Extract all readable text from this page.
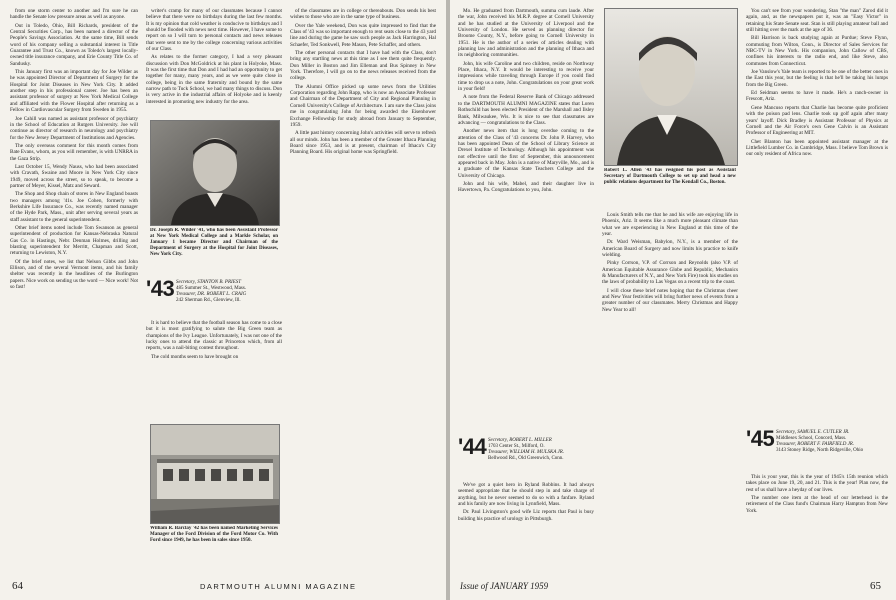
from one storm center to another and I'm sure he can handle the Senate low pressure areas as well as anyone.

Out in Toledo, Ohio, Bill Richards, president of the Central Securities Corp., has been named a director of the People's Savings Association. At the same time, Bill sends word of his company selling a substantial interest in Title Guarantee and Trust Co., known as Toledo's largest locally-owned title insurance company, and Erie County Title Co. of Sandusky.

This January first was an important day for Joe Wilder as he was appointed Director of Department of Surgery for the Hospital for Joint Diseases in New York City. It added another step in his professional career. Joe has been an assistant professor of surgery at New York Medical College and affiliated with the Flower Hospital after returning as a Fellow in Cardiovascular Surgery from Sweden in 1955.

Joe Cahill was named as assistant professor of psychiatry in the School of Education at Rutgers University. Joe will continue as director of research in neurology and psychiatry for the New Jersey Department of Institutions and Agencies.

The only overseas comment for this month comes from Bate Evans, whom, as you will remember, is with UNRRA in the Gaza Strip.

Last October 15, Wendy Nauss, who had been associated with Cravath, Swaine and Moore in New York City since 1949, moved across the street, so to speak, to become a partner of Meyer, Kissel, Matz and Seward.

The Shop and Shop chain of stores in New England boasts two managers among '41s. Joe Cohen, formerly with Berkshire Life Insurance Co., was recently named manager of the Hyde Park, Mass., unit after serving several years as staff assistant to the general superintendent.

Other brief items noted include Tom Swanson as general superintendent of production for Kansas-Nebraska Natural Gas Co. in Hastings, Nebr. Denman Holmes, drilling and blasting superintendent for Merritt, Chapman and Scott, returning to Lewiston, N.Y.

Of the brief notes, we list that Nelson Gibbs and John Ellison, and of the several Vermont items, and his family shelter was recently in the headlines of the Burlington papers. Nice work on sending us the word — Nice work! Not so fast!

writer's cramp for many of our classmates because I cannot believe that there were no birthdays during the last few months. It is my opinion that cold weather is conducive to birthdays and I should be flooded with news next time. However, I have some to report on so I will turn to personal contacts and news releases that were sent to me by the college concerning various activities of our Class.

As relates to the former category, I had a very pleasant discussion with Don McGoldrick at his plant in Holyoke, Mass. It was the first time that Don and I had had an opportunity to get together for many, many years, and as we were quite close in college, being in the same fraternity and bound by the same narrow path to Tuck School, we had many things to discuss. Don is very active in the industrial affairs of Holyoke and is keenly interested in promoting new industry for the area.

Dr. Joseph R. Wilder '41, who has been Assistant Professor at New York Medical College and a Markle Scholar, on January 1 became Director and Chairman of the Department of Surgery at the Hospital for Joint Diseases, New York City.
'43 Secretary, STANTON B. PRIEST
485 Summer St., Westwood, Mass.
Treasurer, DR. ROBERT L. CRAIG
242 Sherman Rd., Glenview, Ill.

It is hard to believe that the football season has come to a close but it is most gratifying to salute the Big Green team as champions of the Ivy League. Unfortunately, I was not one of the lucky ones to attend the classic at Princeton which, from all reports, was a nail-biting contest throughout.

The cold months seem to have brought on

William R. Barclay '42 has been named Marketing Services Manager of the Ford Division of the Ford Motor Co. With Ford since 1949, he has been in sales since 1950.

of the classmates are in college or thereabouts. Don sends his best wishes to those who are in the same type of business.

Over the Yale weekend, Don was quite impressed to find that the Class of '43 was so important enough to rent seats close to the 43 yard line and during the game he saw such people as Jack Harrington, Hal Schaefer, Ted Sonkwell, Pete Mason, Pete Schaffer, and others.

The other personal contacts that I have had with the Class, don't bring any startling news at this time as I see them quite frequently. Don Miller in Boston and Jim Elleman and Bus Spinney in New York. Therefore, I will go on to the news releases received from the college.

The Alumni Office picked up some news from the Utilities Corporation regarding John Rapp, who is now an Associate Professor and Chairman of the Department of City and Regional Planning in Cornell University's College of Architecture. I am sure the Class joins me in congratulating John for being awarded the Eisenhower Exchange Fellowship for study abroad from January to September, 1959.

A little past history concerning John's activities will serve to refresh all our minds. John has been a member of the Greater Ithaca Planning Board since 1953, and is at present, chairman of Ithaca's City Planning Board. His original home was Springfield.

64	DARTMOUTH ALUMNI MAGAZINE

Mo. He graduated from Dartmouth, summa cum laude. After the war, John received his M.R.P. degree at Cornell University and he has studied at the University of Liverpool and the University of London. He served as planning director for Broome County, N.Y., before going to Cornell University in 1951. He is the author of a series of articles dealing with planning law and administration and the planning of Ithaca and its neighboring communities.

John, his wife Caroline and two children, reside on Northway Place, Ithaca, N.Y. It would be interesting to receive your impressions while traveling through Europe if you could find time to drop us a note, John. Congratulations on your great work in your field!

A note from the Federal Reserve Bank of Chicago addressed to the DARTMOUTH ALUMNI MAGAZINE states that Loren Rothschild has been elected President of the Marshall and Ilsley Bank, Milwaukee, Wis. It is nice to see that classmates are advancing — congratulations to the Class.

Another news item that is long overdue coming to the attention of the Class of '43 concerns Dr. John P. Harvey, who has been appointed Dean of the School of Library Science at Drexel Institute of Technology. Although his appointment was not effective until the first of September, this announcement appeared back in May. John is a native of Maryville, Mo., and is a graduate of the Kansas State Teachers College and the University of Chicago.

John and his wife, Mabel, and their daughter live in Havertown, Pa. Congratulations to you, John.

'44 Secretary, ROBERT L. MILLER
1703 Center St., Milford, O.
Treasurer, WILLIAM H. MULSKA JR.
Bellwood Rd., Old Greenwich, Conn.

We've got a quiet hero in Ryland Robbins. It had always seemed appropriate that he should step in and take charge of anything, but he never seemed to do so with a fanfare. Ryland and his family are now living in Lynnfield, Mass.

Dr. Paul Livingston's good wife Liz reports that Paul is busy building his practice of urology in Pittsburgh.

Robert L. Allen '43 has resigned his post as Assistant Secretary of Dartmouth College to set up and head a new public relations department for The Kendall Co., Boston.

Louis Smith tells me that he and his wife are enjoying life in Phoenix, Ariz. It seems like a much more pleasant climate than what we are experiencing in New England at this time of the year.

Dr. Ward Weisman, Babylon, N.Y., is a member of the American Board of Surgery and now limits his practice to knife wielding.

Pinky Corrson, V.P. of Corrson and Reynolds (also V.P. of American Equitable Assurance Globe and Republic, Mechanics & Manufacturers of N.Y., and New York Fire) took his studies on the laws of probability to Las Vegas on a recent trip to the coast.

I will close these brief notes hoping that the Christmas cheer and New Year festivities will bring further news of events from a greater number of our classmates. Merry Christmas and Happy New Year to all!

You can't see from your wondering, Stan "the man" Zarod did it again, and, as the newspapers put it, was an "Easy Victor" in retaining his State Senate seat. Stan is still playing amateur ball and still hitting over the mark at the age of 36.

Bill Harrison is back studying again at Purdue; Steve Flynn, commuting from Wilton, Conn., is Director of Sales Services for NBC-TV in New York. His companion, John Callow of CBS, confines his interests to the radio end, and like Steve, also commutes from Connecticut.

Joe Vanslow's Yale team is reported to be one of the better ones in the East this year, but the feeling is that he'll be taking his lumps from the Big Green.

Ed Seidman seems to have it made. He's a ranch-owner in Frescott, Ariz.

Gene Mancuso reports that Charlie has become quite proficient with the poison pad lens. Charlie took up golf again after many years' layoff. Dick Bradley is Assistant Professor of Physics at Cornell and the Air Force's own Gene Calvin is an Assistant Professor of Engineering at MIT.

Chet Blanton has been appointed assistant manager at the Littlefield Lumber Co. in Cambridge, Mass. I believe Tom Brown is our only resident of Africa now.

'45 Secretary, SAMUEL E. CUTLER JR.
Middlesex School, Concord, Mass.
Treasurer, ROBERT F. FAIRFIELD JR.
3143 Stoney Ridge, North Ridgeville, Ohio

This is your year, this is the year of 1945's 15th reunion which takes place on June 19, 20, and 21. This is the year! Plan now, the rest of us shall have a heyday of our lives.

The number one item at the head of our letterhead is the retirement of the Class fund's Chairman Harry Hampton from New York.

Issue of JANUARY 1959	65
